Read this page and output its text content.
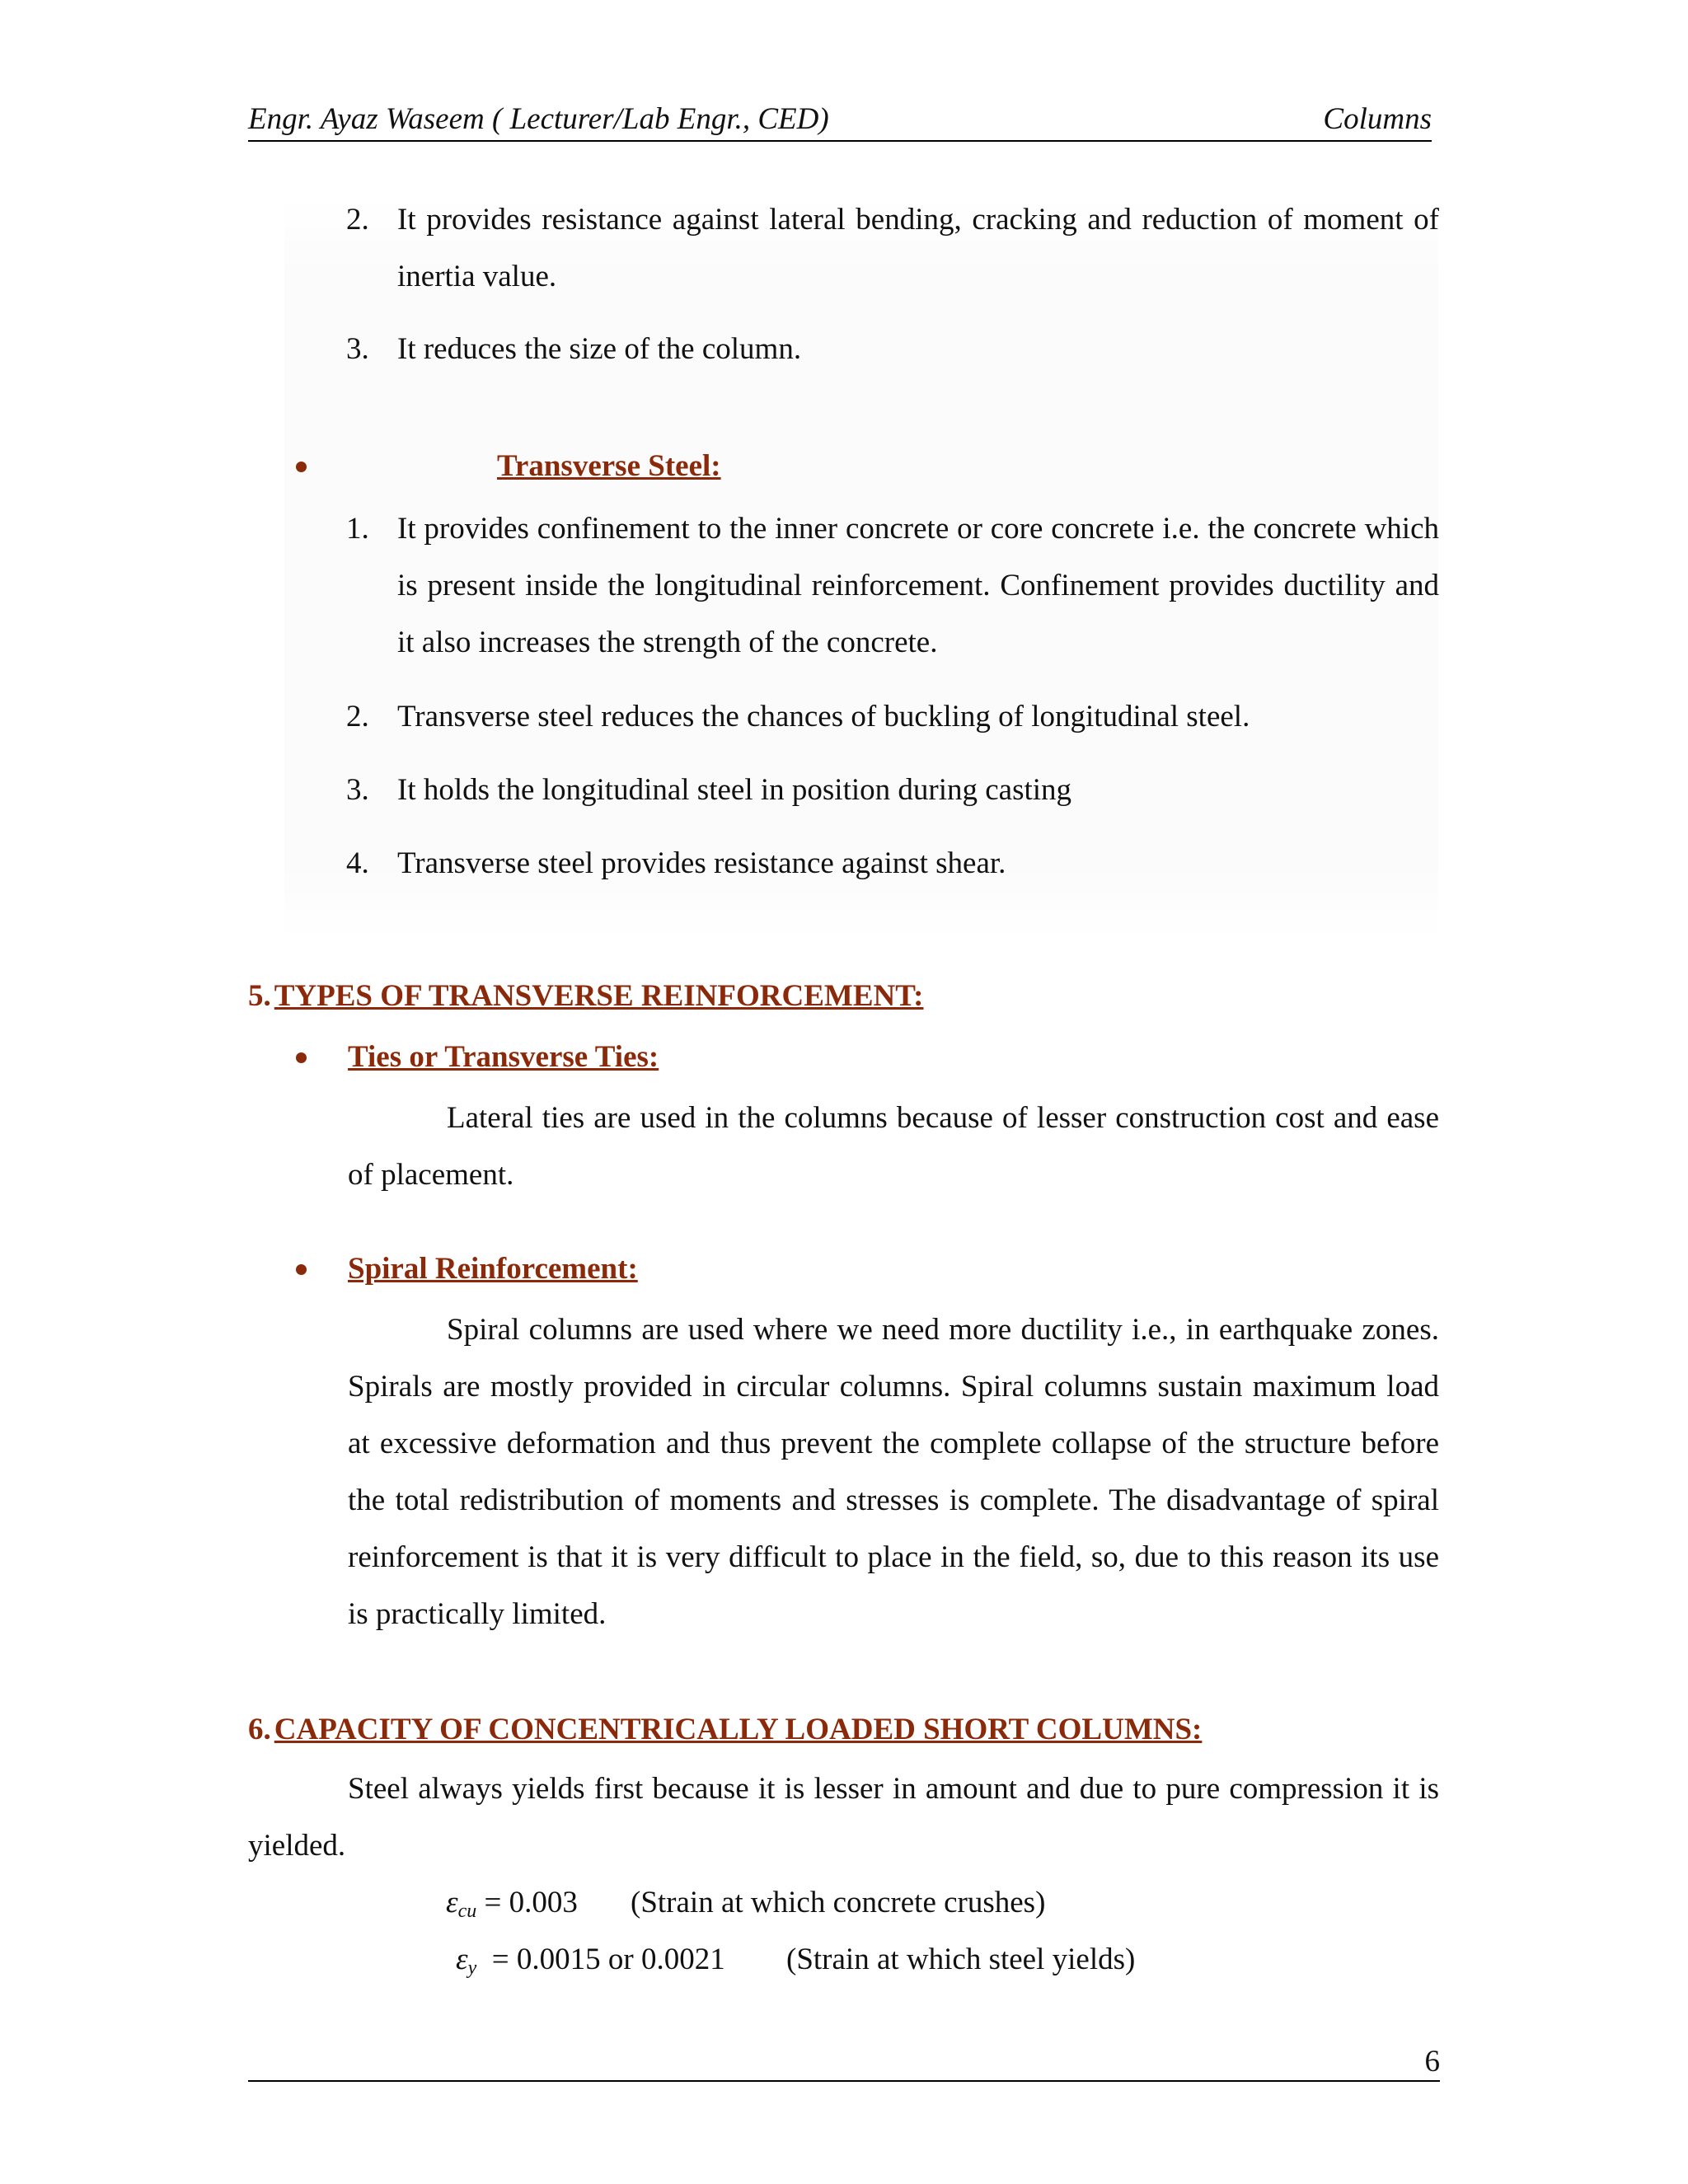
Engr. Ayaz Waseem ( Lecturer/Lab Engr., CED)	Columns
2. It provides resistance against lateral bending, cracking and reduction of moment of inertia value.
3. It reduces the size of the column.
Transverse Steel:
1. It provides confinement to the inner concrete or core concrete i.e. the concrete which is present inside the longitudinal reinforcement. Confinement provides ductility and it also increases the strength of the concrete.
2. Transverse steel reduces the chances of buckling of longitudinal steel.
3. It holds the longitudinal steel in position during casting
4. Transverse steel provides resistance against shear.
5. TYPES OF TRANSVERSE REINFORCEMENT:
Ties or Transverse Ties:
Lateral ties are used in the columns because of lesser construction cost and ease of placement.
Spiral Reinforcement:
Spiral columns are used where we need more ductility i.e., in earthquake zones. Spirals are mostly provided in circular columns. Spiral columns sustain maximum load at excessive deformation and thus prevent the complete collapse of the structure before the total redistribution of moments and stresses is complete. The disadvantage of spiral reinforcement is that it is very difficult to place in the field, so, due to this reason its use is practically limited.
6. CAPACITY OF CONCENTRICALLY LOADED SHORT COLUMNS:
Steel always yields first because it is lesser in amount and due to pure compression it is yielded.
$\varepsilon_{cu} = 0.003$ (Strain at which concrete crushes)
$\varepsilon_y = 0.0015$ or 0.0021 (Strain at which steel yields)
6
